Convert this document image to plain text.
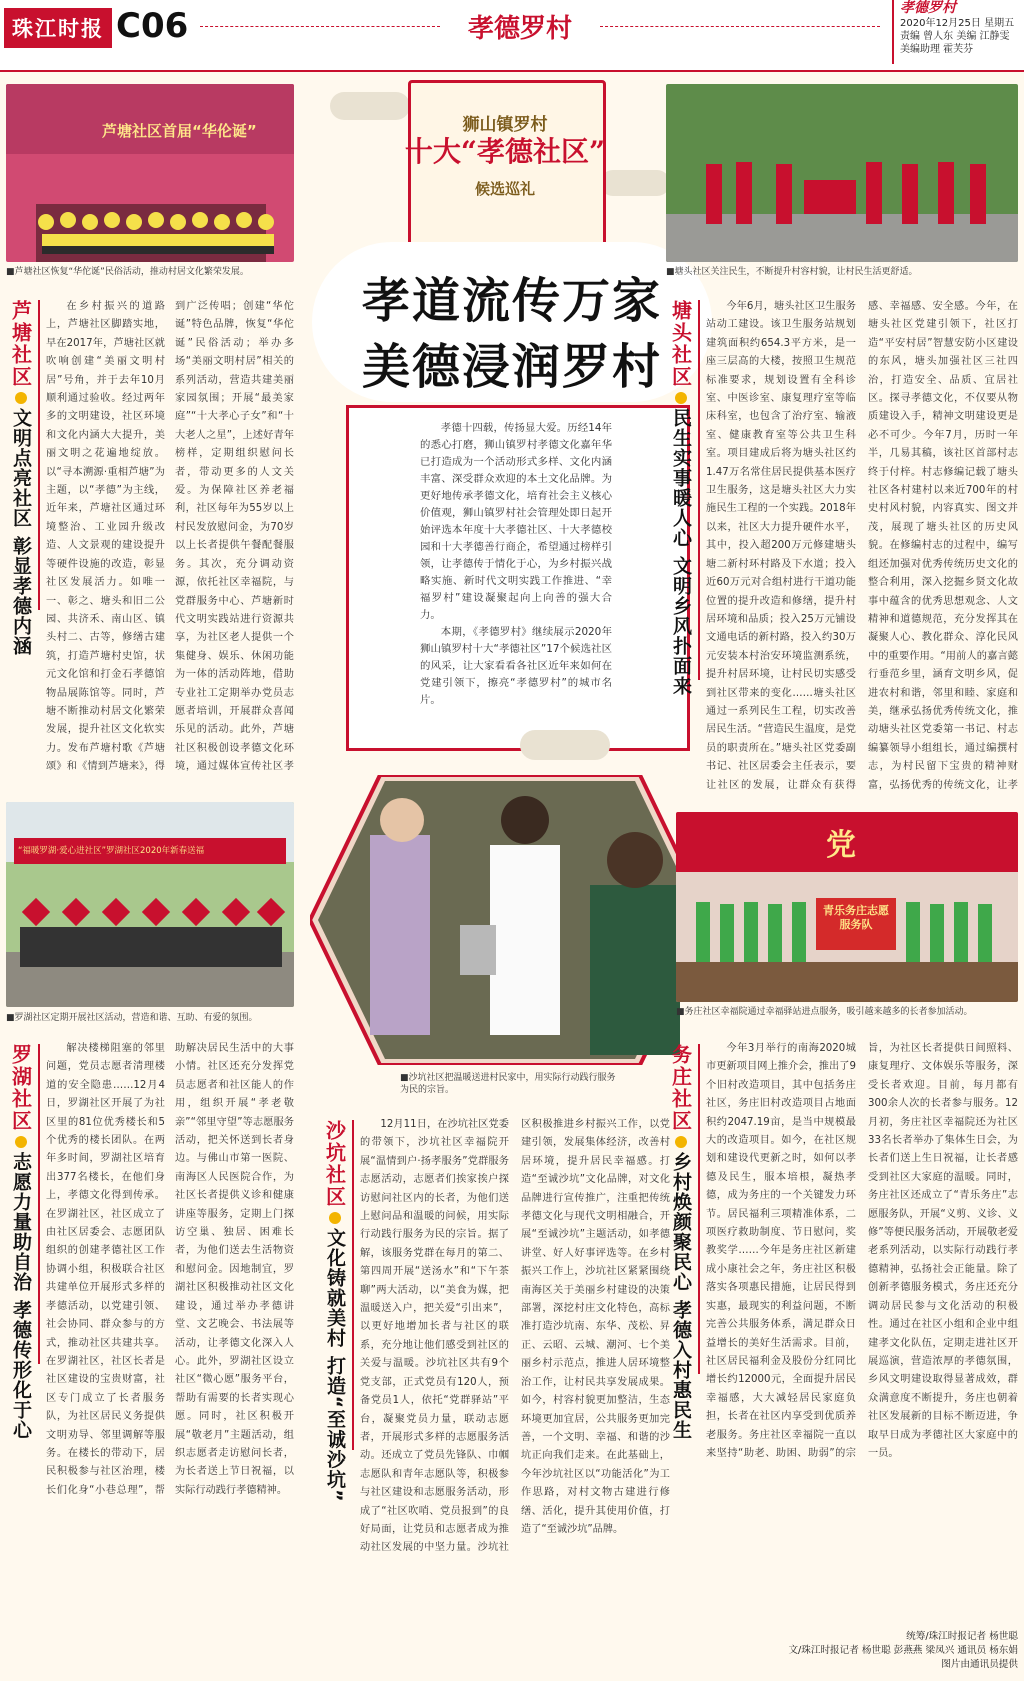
珠江时报 C06	孝德罗村
孝德罗村
2020年12月25日 星期五
责编 曾人东 美编 江静雯
美编助理 霍芙芬
芦塘社区首届“华伦诞”
■芦塘社区恢复“华佗诞”民俗活动，推动村居文化繁荣发展。
芦塘社区
文明点亮社区 彰显孝德内涵

在乡村振兴的道路上，芦塘社区脚踏实地，早在2017年，芦塘社区就吹响创建“美丽文明村居”号角，并于去年10月顺利通过验收。经过两年多的文明建设，社区环境和文化内涵大大提升，美丽文明之花遍地绽放。以“寻本溯源·重相芦塘”为主题，以“孝德”为主线，近年来，芦塘社区通过环境整治、工业园升级改造、人文景观的建设提升等硬件设施的改造，彰显社区发展活力。如唯一一、彰之、塘头和旧二公园、共济禾、南山区、镇头村二、古等，修缮古建筑，打造芦塘村史馆，状元文化馆和打金石孝德馆物品展陈馆等。同时，芦塘不断推动村居文化繁荣发展，提升社区文化软实力。发布芦塘村歌《芦塘颂》和《情到芦塘来》，得到广泛传唱；创建“华佗诞”特色品牌，恢复“华佗诞”民俗活动；举办多场“美丽文明村居”相关的系列活动，营造共建美丽家园氛围；开展“最美家庭”“十大孝心子女”和“十大老人之星”，上述好青年榜样，定期组织慰问长者，带动更多的人文关爱。为保障社区养老福利，社区每年为55岁以上村民发放慰问金，为70岁以上长者提供午餐配餐服务。其次，充分调动资源，依托社区幸福院，与党群服务中心、芦塘新时代文明实践站进行资源共享，为社区老人提供一个集健身、娱乐、休闲功能为一体的活动阵地，借助专业社工定期举办党员志愿者培训，开展群众喜闻乐见的活动。此外，芦塘社区积极创设孝德文化环境，通过媒体宣传社区孝

“福暖罗湖·爱心进社区”罗湖社区2020年新春送福
■罗湖社区定期开展社区活动，营造和谐、互助、有爱的氛围。
罗湖社区
志愿力量助自治 孝德传形化于心

解决楼梯阻塞的邻里问题，党员志愿者清理楼道的安全隐患……12月4日，罗湖社区开展了为社区里的81位优秀楼长和5个优秀的楼长团队。在两年多时间，罗湖社区培育出377名楼长，在他们身上，孝德文化得到传承。在罗湖社区，社区成立了由社区居委会、志愿团队组织的创建孝德社区工作协调小组，积极联合社区共建单位开展形式多样的孝德活动，以党建引领、社会协同、群众参与的方式，推动社区共建共享。在罗湖社区，社区长者是社区建设的宝贵财富，社区专门成立了长者服务队，为社区居民义务提供文明劝导、邻里调解等服务。在楼长的带动下，居民积极参与社区治理，楼长们化身“小巷总理”，帮助解决居民生活中的大事小情。社区还充分发挥党员志愿者和社区能人的作用，组织开展“孝老敬亲”“邻里守望”等志愿服务活动，把关怀送到长者身边。与佛山市第一医院、南海区人民医院合作，为社区长者提供义诊和健康讲座等服务，定期上门探访空巢、独居、困难长者，为他们送去生活物资和慰问金。因地制宜，罗湖社区积极推动社区文化建设，通过举办孝德讲堂、文艺晚会、书法展等活动，让孝德文化深入人心。此外，罗湖社区设立社区“微心愿”服务平台，帮助有需要的长者实现心愿。同时，社区积极开展“敬老月”主题活动，组织志愿者走访慰问长者，为长者送上节日祝福，以实际行动践行孝德精神。

狮山镇罗村
十大“孝德社区”
候选巡礼
孝道流传万家
美德浸润罗村

孝德十四载，传扬显大爱。历经14年的悉心打磨，狮山镇罗村孝德文化嘉年华已打造成为一个活动形式多样、文化内涵丰富、深受群众欢迎的本土文化品牌。为更好地传承孝德文化，培育社会主义核心价值观，狮山镇罗村社会管理处即日起开始评选本年度十大孝德社区、十大孝德校园和十大孝德善行商企，希望通过榜样引领，让孝德传于情化于心，为乡村振兴战略实施、新时代文明实践工作推进、“幸福罗村”建设凝聚起向上向善的强大合力。

本期，《孝德罗村》继续展示2020年狮山镇罗村十大“孝德社区”17个候选社区的风采，让大家看看各社区近年来如何在党建引领下，擦亮“孝德罗村”的城市名片。

■沙坑社区把温暖送进村民家中，用实际行动践行服务为民的宗旨。
沙坑社区
文化铸就美村 打造“至诚沙坑”

12月11日，在沙坑社区党委的带领下，沙坑社区幸福院开展“温情到户·扬孝服务”党群服务志愿活动，志愿者们挨家挨户探访慰问社区内的长者，为他们送上慰问品和温暖的问候，用实际行动践行服务为民的宗旨。据了解，该服务党群在每月的第二、第四周开展“送汤水”和“下午茶聊”两大活动，以“美食为媒，把温暖送入户，把关爱“引出来”，以更好地增加长者与社区的联系，充分地让他们感受到社区的关爱与温暖。沙坑社区共有9个党支部，正式党员有120人，预备党员1人，依托“党群驿站”平台，凝聚党员力量，联动志愿者，开展形式多样的志愿服务活动。还成立了党员先锋队、巾帼志愿队和青年志愿队等，积极参与社区建设和志愿服务活动，形成了“社区吹哨、党员报到”的良好局面，让党员和志愿者成为推动社区发展的中坚力量。沙坑社区积极推进乡村振兴工作，以党建引领，发展集体经济，改善村居环境，提升居民幸福感。打造“至诚沙坑”文化品牌，对文化品牌进行宣传推广，注重把传统孝德文化与现代文明相融合，开展“至诚沙坑”主题活动，如孝德讲堂、好人好事评选等。在乡村振兴工作上，沙坑社区紧紧围绕南海区关于美丽乡村建设的决策部署，深挖村庄文化特色，高标准打造沙坑南、东华、茂松、昇正、云昭、云城、潮河、七个美丽乡村示范点，推进人居环境整治工作，让村民共享发展成果。如今，村容村貌更加整洁，生态环境更加宜居，公共服务更加完善，一个文明、幸福、和谐的沙坑正向我们走来。在此基础上，今年沙坑社区以“功能活化”为工作思路，对村文物古建进行修缮、活化，提升其使用价值，打造了“至诚沙坑”品牌。

■塘头社区关注民生，不断提升村容村貌，让村民生活更舒适。
塘头社区
民生实事暖人心 文明乡风扑面来

今年6月，塘头社区卫生服务站动工建设。该卫生服务站规划建筑面积约654.3平方米，是一座三层高的大楼，按照卫生规范标准要求，规划设置有全科诊室、中医诊室、康复理疗室等临床科室，也包含了治疗室、输液室、健康教育室等公共卫生科室。项目建成后将为塘头社区约1.47万名常住居民提供基本医疗卫生服务，这是塘头社区大力实施民生工程的一个实践。2018年以来，社区大力提升硬件水平，其中，投入超200万元修建塘头塘二新村环村路及下水道；投入近60万元对合组村进行干道功能位置的提升改造和修缮，提升村居环境和品质；投入25万元铺设文通电话的新村路，投入约30万元安装本村治安环境监测系统，提升村居环境，让村民切实感受到社区带来的变化……塘头社区通过一系列民生工程，切实改善居民生活。“营造民生温度，是党员的职责所在。”塘头社区党委副书记、社区居委会主任表示，要让社区的发展，让群众有获得感、幸福感、安全感。今年，在塘头社区党建引领下，社区打造“平安村居”智慧安防小区建设的东风，塘头加强社区三社四治，打造安全、品质、宜居社区。探寻孝德文化，不仅要从物质建设入手，精神文明建设更是必不可少。今年7月，历时一年半，几易其稿，该社区首部村志终于付梓。村志修编记载了塘头社区各村建村以来近700年的村史村风村貌，内容真实、图文并茂，展现了塘头社区的历史风貌。在修编村志的过程中，编写组还加强对优秀传统历史文化的整合利用，深入挖掘乡贤文化故事中蕴含的优秀思想观念、人文精神和道德规范，充分发挥其在凝聚人心、教化群众、淳化民风中的重要作用。“用前人的嘉言懿行垂范乡里，涵育文明乡风，促进农村和谐，邻里和睦、家庭和美，继承弘扬优秀传统文化，推动塘头社区党委第一书记、村志编纂领导小组组长，通过编撰村志，为村民留下宝贵的精神财富，弘扬优秀的传统文化，让孝

党
青乐务庄志愿服务队
■务庄社区幸福院通过幸福驿站进点服务，吸引越来越多的长者参加活动。
务庄社区
乡村焕颜聚民心 孝德入村惠民生

今年3月举行的南海2020城市更新项目网上推介会，推出了9个旧村改造项目，其中包括务庄社区，务庄旧村改造项目占地面积约2047.19亩，是当中规模最大的改造项目。如今，在社区规划和建设代更新之时，如何以孝德及民生，服本培根，凝热孝德，成为务庄的一个关键发力环节。居民福利三项精准体系，二项医疗救助制度、节日慰问，奖教奖学……今年是务庄社区新建成小康社会之年，务庄社区积极落实各项惠民措施，让居民得到实惠，最现实的利益问题，不断完善公共服务体系，满足群众日益增长的美好生活需求。目前，社区居民福利金及股份分红同比增长约12000元，全面提升居民幸福感，大大减轻居民家庭负担，长者在社区内享受到优质养老服务。务庄社区幸福院一直以来坚持“助老、助困、助弱”的宗旨，为社区长者提供日间照料、康复理疗、文体娱乐等服务，深受长者欢迎。目前，每月都有300余人次的长者参与服务。12月初，务庄社区幸福院还为社区33名长者举办了集体生日会，为长者们送上生日祝福，让长者感受到社区大家庭的温暖。同时，务庄社区还成立了“青乐务庄”志愿服务队，开展“义剪、义诊、义修”等便民服务活动，开展敬老爱老系列活动，以实际行动践行孝德精神，弘扬社会正能量。除了创新孝德服务模式，务庄还充分调动居民参与文化活动的积极性。通过在社区小组和企业中组建孝文化队伍，定期走进社区开展巡演，营造浓厚的孝德氛围，乡风文明建设取得显著成效，群众满意度不断提升，务庄也朝着社区发展新的目标不断迈进，争取早日成为孝德社区大家庭中的一员。

统筹/珠江时报记者 杨世聪
文/珠江时报记者 杨世聪 彭燕燕 梁凤兴 通讯员 杨东娟
图片由通讯员提供
